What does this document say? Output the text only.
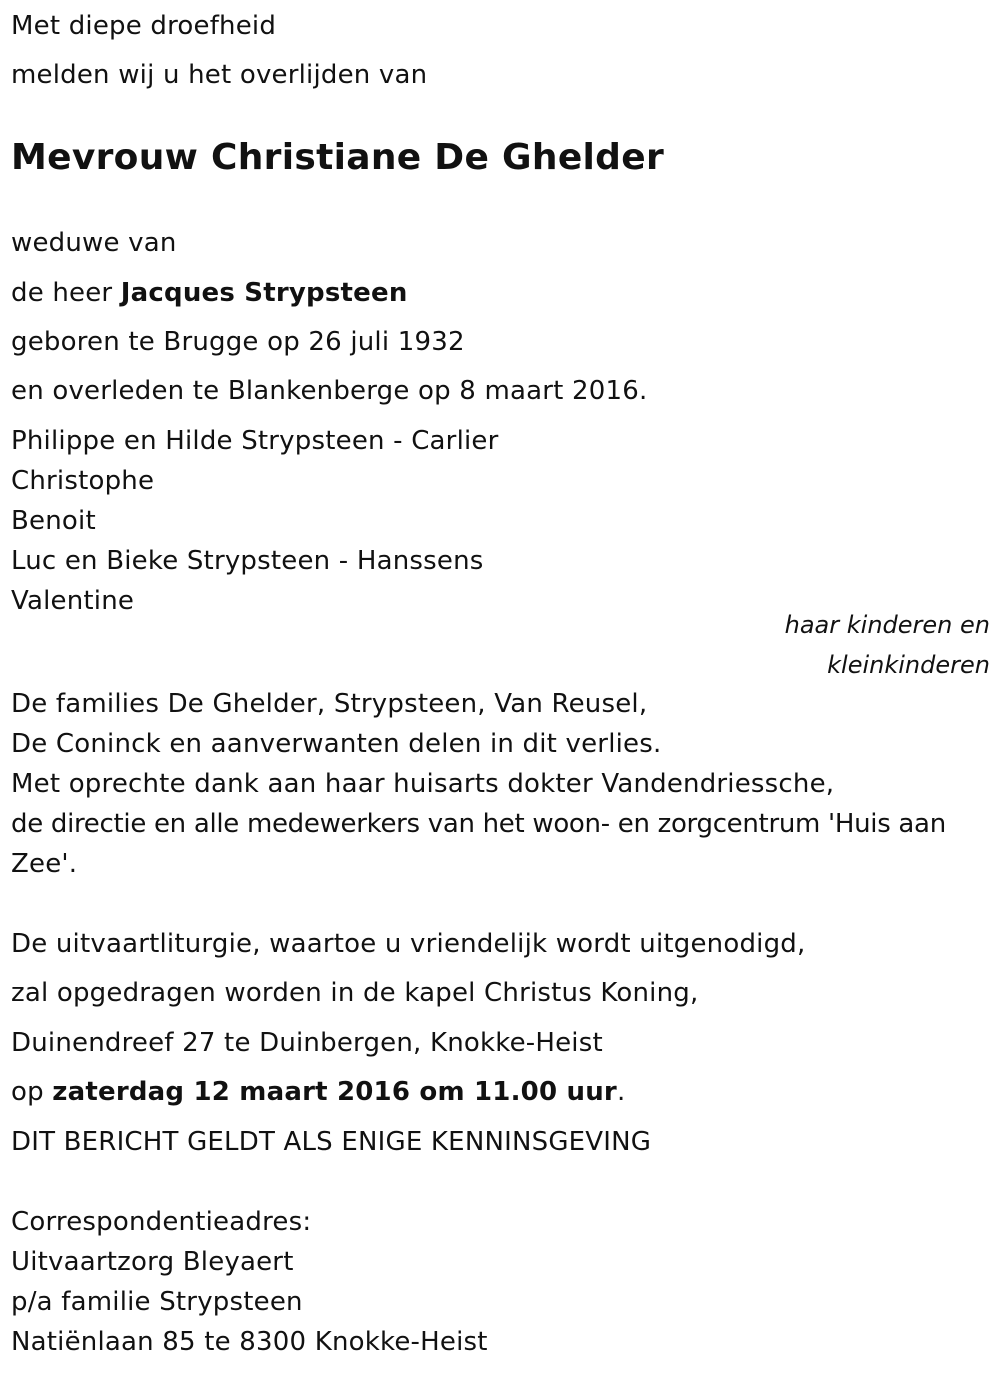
Met diepe droefheid
melden wij u het overlijden van
Mevrouw Christiane De Ghelder
weduwe van
de heer Jacques Strypsteen
geboren te Brugge op 26 juli 1932
en overleden te Blankenberge op 8 maart 2016.
Philippe en Hilde Strypsteen - Carlier
Christophe
Benoit
Luc en Bieke Strypsteen - Hanssens
Valentine
haar kinderen en
kleinkinderen
De families De Ghelder, Strypsteen, Van Reusel,
De Coninck en aanverwanten delen in dit verlies.
Met oprechte dank aan haar huisarts dokter Vandendriessche,
de directie en alle medewerkers van het woon- en zorgcentrum 'Huis aan
Zee'.
De uitvaartliturgie, waartoe u vriendelijk wordt uitgenodigd,
zal opgedragen worden in de kapel Christus Koning,
Duinendreef 27 te Duinbergen, Knokke-Heist
op zaterdag 12 maart 2016 om 11.00 uur.
DIT BERICHT GELDT ALS ENIGE KENNINSGEVING
Correspondentieadres:
Uitvaartzorg Bleyaert
p/a familie Strypsteen
Natiënlaan 85 te 8300 Knokke-Heist
